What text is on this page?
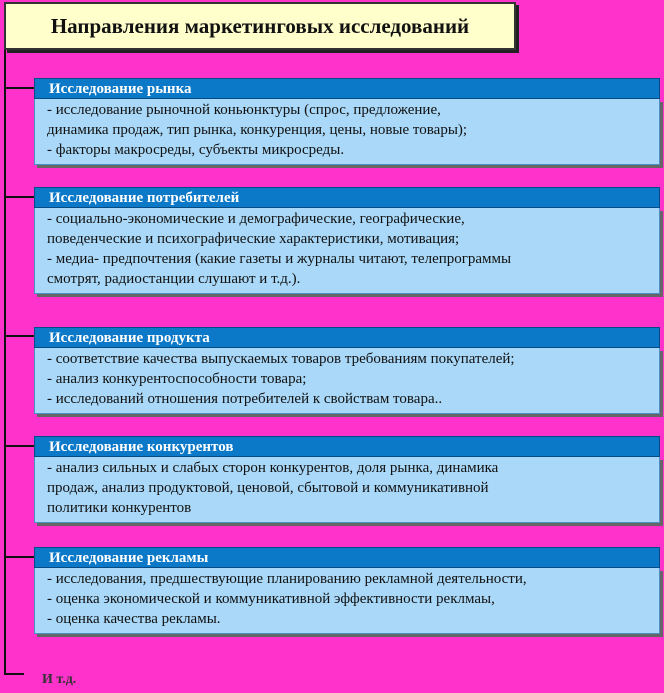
Направления маркетинговых исследований
Исследование рынка
- исследование рыночной коньюнктуры (спрос, предложение,
динамика продаж, тип рынка, конкуренция, цены, новые товары);
- факторы макросреды, субъекты микросреды.
Исследование потребителей
- социально-экономические и демографические, географические,
поведенческие и психографические характеристики, мотивация;
- медиа- предпочтения (какие газеты и журналы читают, телепрограммы
смотрят, радиостанции слушают и т.д.).
Исследование продукта
- соответствие качества выпускаемых товаров требованиям покупателей;
- анализ конкурентоспособности товара;
- исследований отношения потребителей к свойствам товара..
Исследование конкурентов
- анализ сильных и слабых сторон конкурентов, доля рынка, динамика
продаж, анализ продуктовой, ценовой, сбытовой и коммуникативной
политики конкурентов
Исследование рекламы
- исследования, предшествующие планированию рекламной деятельности,
- оценка экономической и коммуникативной эффективности реклмаы,
- оценка качества рекламы.
И т.д.
